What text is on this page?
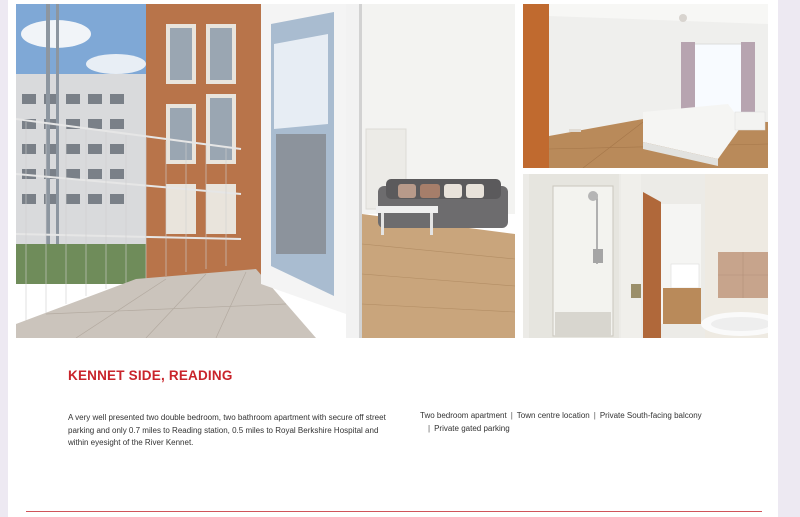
KENNET SIDE, READING
A very well presented two double bedroom, two bathroom apartment with secure off street parking and only 0.7 miles to Reading station, 0.5 miles to Royal Berkshire Hospital and within eyesight of the River Kennet.
Two bedroom apartment | Town centre location | Private South-facing balcony
| Private gated parking
